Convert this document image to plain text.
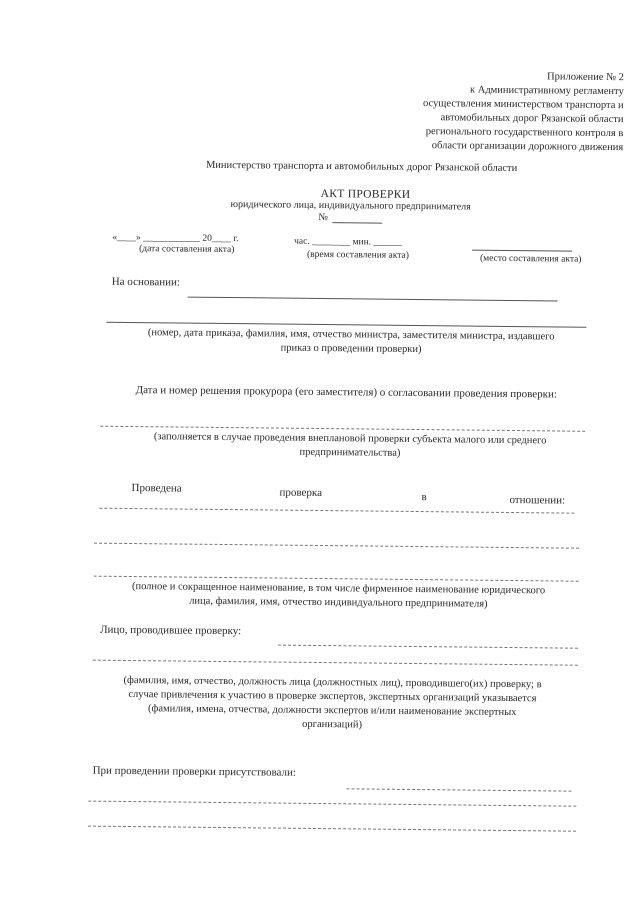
Приложение № 2
к Административному регламенту
осуществления министерством транспорта и
автомобильных дорог Рязанской области
регионального государственного контроля в
области организации дорожного движения
Министерство транспорта и автомобильных дорог Рязанской области
АКТ ПРОВЕРКИ
юридического лица, индивидуального предпринимателя
№
«____» ____________ 20____ г.	час. ________ мин. ______
(дата составления акта)
(время составления акта)	(место составления акта)
На основании:
(номер, дата приказа, фамилия, имя, отчество министра, заместителя министра, издавшего
приказ о проведении проверки)
Дата и номер решения прокурора (его заместителя) о согласовании проведения проверки:
(заполняется в случае проведения внеплановой проверки субъекта малого или среднего
предпринимательства)
Проведена	проверка	в	отношении:
(полное и сокращенное наименование, в том числе фирменное наименование юридического
лица, фамилия, имя, отчество индивидуального предпринимателя)
Лицо, проводившее проверку:
(фамилия, имя, отчество, должность лица (должностных лиц), проводившего(их) проверку; в
случае привлечения к участию в проверке экспертов, экспертных организаций указывается
(фамилия, имена, отчества, должности экспертов и/или наименование экспертных
организаций)
При проведении проверки присутствовали:
